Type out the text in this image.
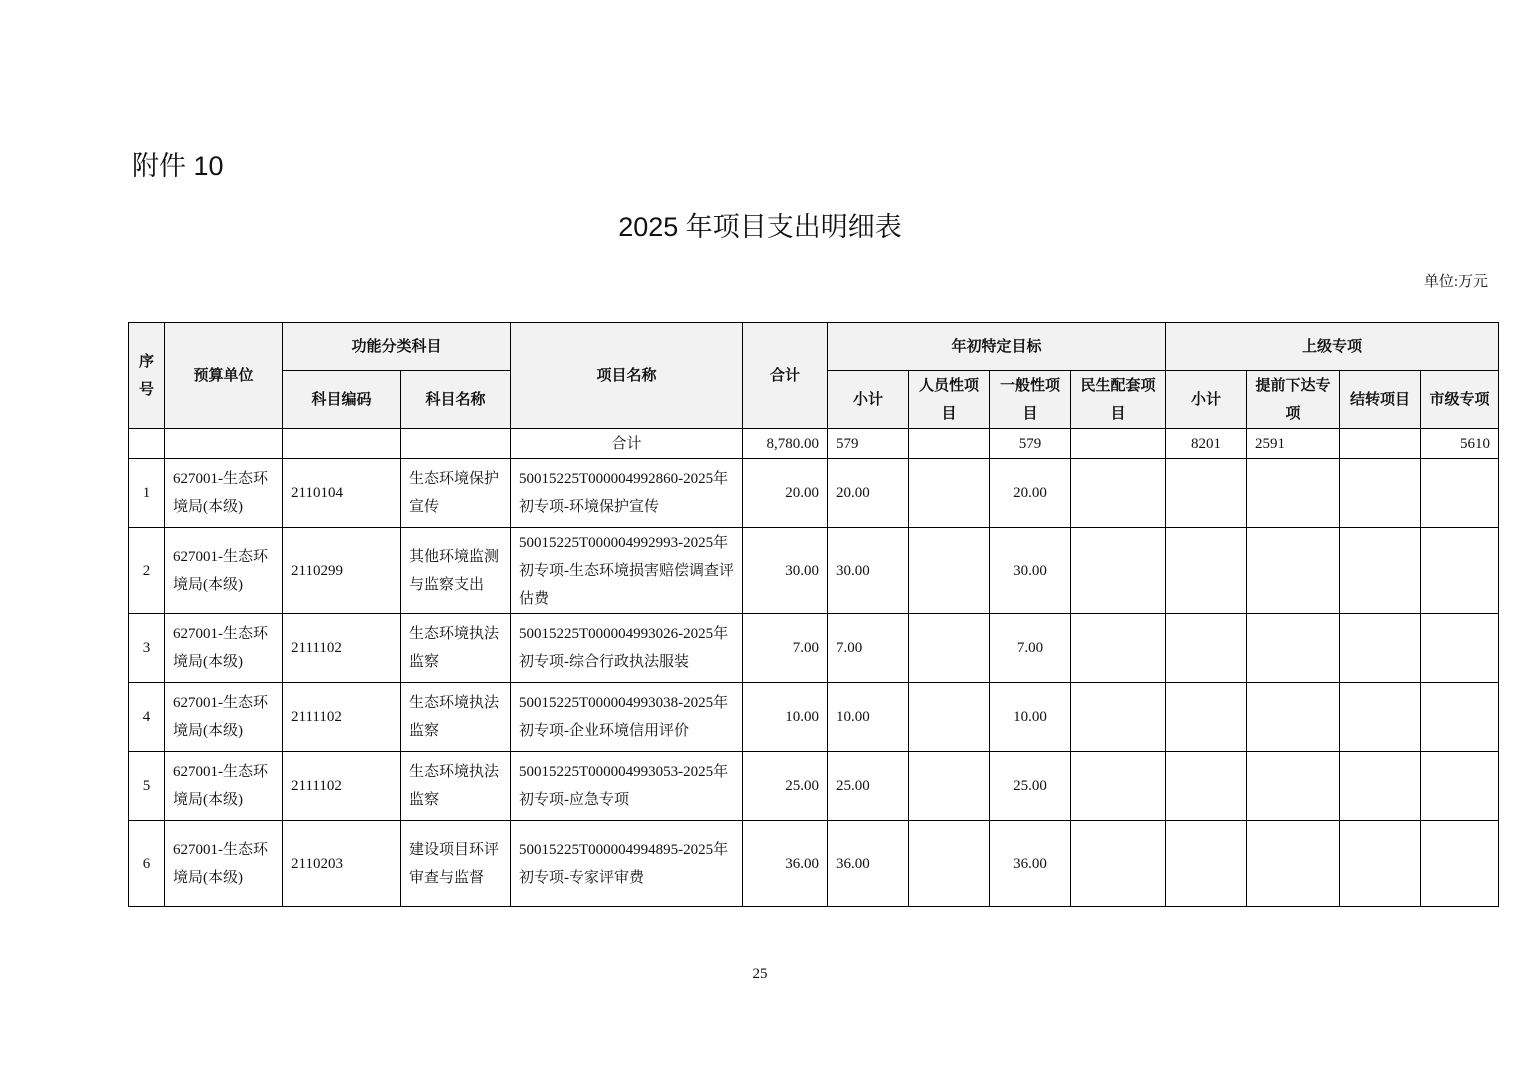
附件 10
2025 年项目支出明细表
单位:万元
序号	预算单位	功能分类科目		项目名称	合计	年初特定目标				上级专项			
		科目编码	科目名称			小计	人员性项目	一般性项目	民生配套项目	小计	提前下达专项	结转项目	市级专项
				合计	8,780.00	579		579		8201	2591		5610
1	627001-生态环境局(本级)	2110104	生态环境保护宣传	50015225T000004992860-2025年初专项-环境保护宣传	20.00	20.00		20.00					
2	627001-生态环境局(本级)	2110299	其他环境监测与监察支出	50015225T000004992993-2025年初专项-生态环境损害赔偿调查评估费	30.00	30.00		30.00					
3	627001-生态环境局(本级)	2111102	生态环境执法监察	50015225T000004993026-2025年初专项-综合行政执法服装	7.00	7.00		7.00					
4	627001-生态环境局(本级)	2111102	生态环境执法监察	50015225T000004993038-2025年初专项-企业环境信用评价	10.00	10.00		10.00					
5	627001-生态环境局(本级)	2111102	生态环境执法监察	50015225T000004993053-2025年初专项-应急专项	25.00	25.00		25.00					
6	627001-生态环境局(本级)	2110203	建设项目环评审查与监督	50015225T000004994895-2025年初专项-专家评审费	36.00	36.00		36.00					
25
